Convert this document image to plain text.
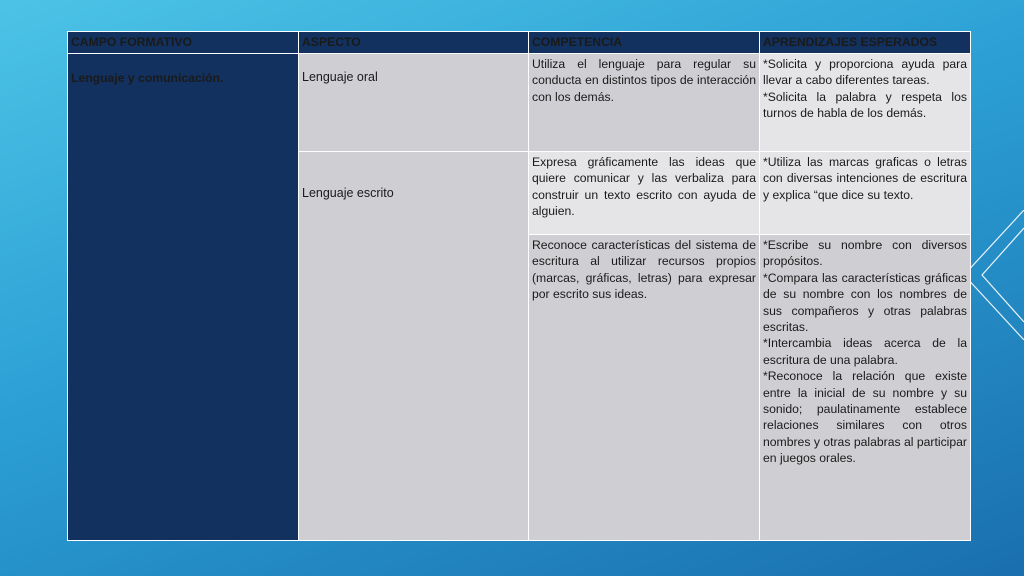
CAMPO FORMATIVO	ASPECTO	COMPETENCIA	APRENDIZAJES ESPERADOS

Lenguaje y comunicación.	Lenguaje oral	Utiliza el lenguaje para regular su conducta en distintos tipos de interacción con los demás.	*Solicita y proporciona ayuda para llevar a cabo diferentes tareas.
*Solicita la palabra y respeta los turnos de habla de los demás.

	Lenguaje escrito	Expresa gráficamente las ideas que quiere comunicar y las verbaliza para construir un texto escrito con ayuda de alguien.	*Utiliza las marcas graficas o letras con diversas intenciones de escritura y explica “que dice su texto.

		Reconoce características del sistema de escritura al utilizar recursos propios (marcas, gráficas, letras) para expresar por escrito sus ideas.	*Escribe su nombre con diversos propósitos.
*Compara las características gráficas de su nombre con los nombres de sus compañeros y otras palabras escritas.
*Intercambia ideas acerca de la escritura de una palabra.
*Reconoce la relación que existe entre la inicial de su nombre y su sonido; paulatinamente establece relaciones similares con otros nombres y otras palabras al participar en juegos orales.
